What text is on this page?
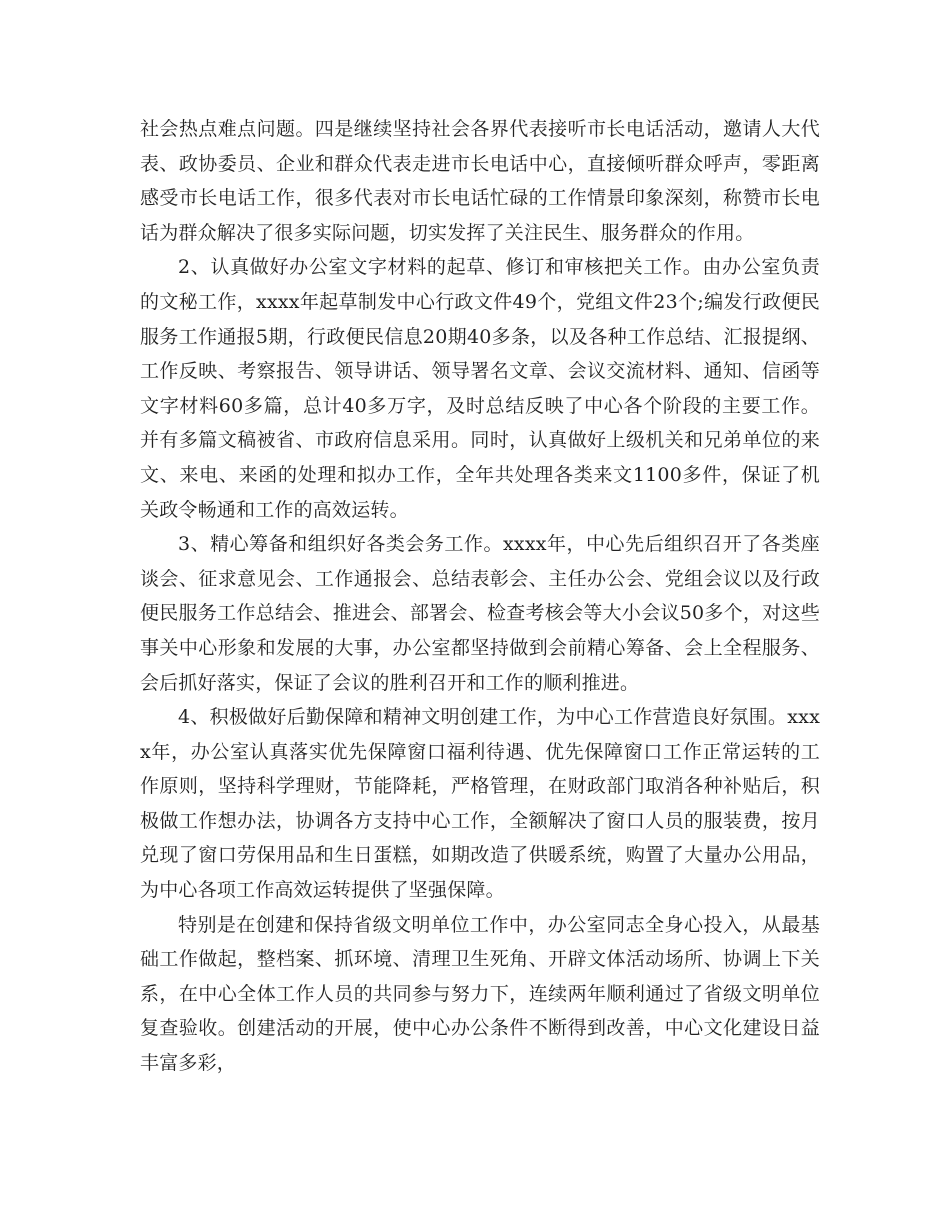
社会热点难点问题。四是继续坚持社会各界代表接听市长电话活动，邀请人大代表、政协委员、企业和群众代表走进市长电话中心，直接倾听群众呼声，零距离感受市长电话工作，很多代表对市长电话忙碌的工作情景印象深刻，称赞市长电话为群众解决了很多实际问题，切实发挥了关注民生、服务群众的作用。

2、认真做好办公室文字材料的起草、修订和审核把关工作。由办公室负责的文秘工作，xxxx年起草制发中心行政文件49个，党组文件23个;编发行政便民服务工作通报5期，行政便民信息20期40多条，以及各种工作总结、汇报提纲、工作反映、考察报告、领导讲话、领导署名文章、会议交流材料、通知、信函等文字材料60多篇，总计40多万字，及时总结反映了中心各个阶段的主要工作。并有多篇文稿被省、市政府信息采用。同时，认真做好上级机关和兄弟单位的来文、来电、来函的处理和拟办工作，全年共处理各类来文1100多件，保证了机关政令畅通和工作的高效运转。

3、精心筹备和组织好各类会务工作。xxxx年，中心先后组织召开了各类座谈会、征求意见会、工作通报会、总结表彰会、主任办公会、党组会议以及行政便民服务工作总结会、推进会、部署会、检查考核会等大小会议50多个，对这些事关中心形象和发展的大事，办公室都坚持做到会前精心筹备、会上全程服务、会后抓好落实，保证了会议的胜利召开和工作的顺利推进。

4、积极做好后勤保障和精神文明创建工作，为中心工作营造良好氛围。xxxx年，办公室认真落实优先保障窗口福利待遇、优先保障窗口工作正常运转的工作原则，坚持科学理财，节能降耗，严格管理，在财政部门取消各种补贴后，积极做工作想办法，协调各方支持中心工作，全额解决了窗口人员的服装费，按月兑现了窗口劳保用品和生日蛋糕，如期改造了供暖系统，购置了大量办公用品，为中心各项工作高效运转提供了坚强保障。

特别是在创建和保持省级文明单位工作中，办公室同志全身心投入，从最基础工作做起，整档案、抓环境、清理卫生死角、开辟文体活动场所、协调上下关系，在中心全体工作人员的共同参与努力下，连续两年顺利通过了省级文明单位复查验收。创建活动的开展，使中心办公条件不断得到改善，中心文化建设日益丰富多彩，
